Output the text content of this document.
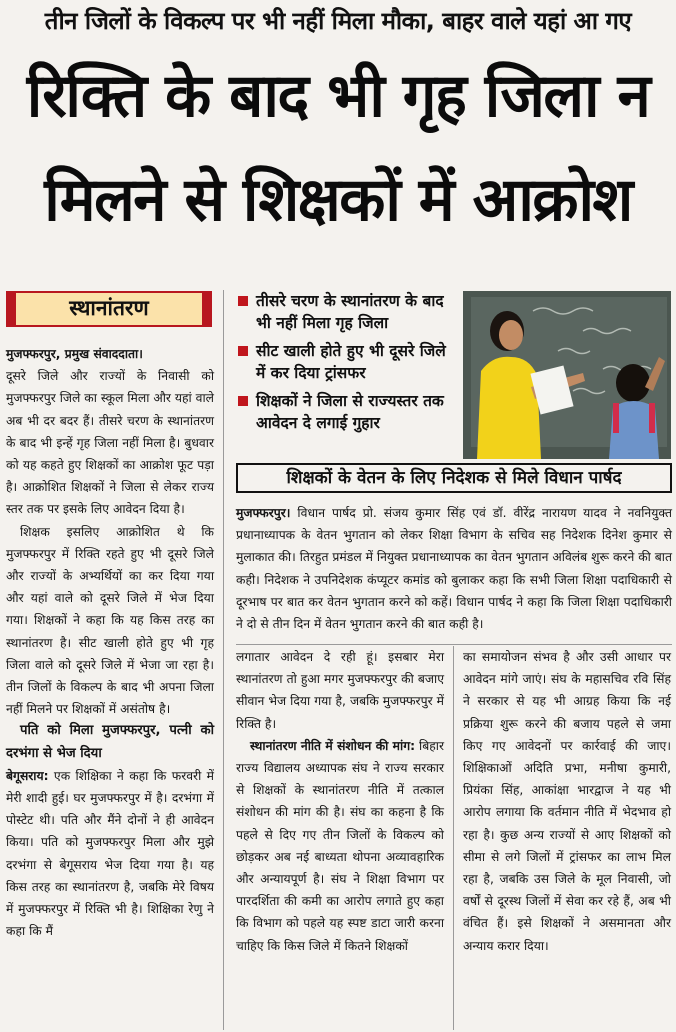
तीन जिलों के विकल्प पर भी नहीं मिला मौका, बाहर वाले यहां आ गए
रिक्ति के बाद भी गृह जिला न
मिलने से शिक्षकों में आक्रोश
स्थानांतरण	तीसरे चरण के स्थानांतरण के बाद भी नहीं मिला गृह जिला
सीट खाली होते हुए भी दूसरे जिले में कर दिया ट्रांसफर
शिक्षकों ने जिला से राज्यस्तर तक आवेदन दे लगाई गुहार
शिक्षकों के वेतन के लिए निदेशक से मिले विधान पार्षद

मुजफ्फरपुर। विधान पार्षद प्रो. संजय कुमार सिंह एवं डॉ. वीरेंद्र नारायण यादव ने नवनियुक्त प्रधानाध्यापक के वेतन भुगतान को लेकर शिक्षा विभाग के सचिव सह निदेशक दिनेश कुमार से मुलाकात की। तिरहुत प्रमंडल में नियुक्त प्रधानाध्यापक का वेतन भुगतान अविलंब शुरू करने की बात कही। निदेशक ने उपनिदेशक कंप्यूटर कमांड को बुलाकर कहा कि सभी जिला शिक्षा पदाधिकारी से दूरभाष पर बात कर वेतन भुगतान करने को कहें। विधान पार्षद ने कहा कि जिला शिक्षा पदाधिकारी ने दो से तीन दिन में वेतन भुगतान करने की बात कही है।

मुजफ्फरपुर, प्रमुख संवाददाता।

दूसरे जिले और राज्यों के निवासी को मुजफ्फरपुर जिले का स्कूल मिला और यहां वाले अब भी दर बदर हैं। तीसरे चरण के स्थानांतरण के बाद भी इन्हें गृह जिला नहीं मिला है। बुधवार को यह कहते हुए शिक्षकों का आक्रोश फूट पड़ा है। आक्रोशित शिक्षकों ने जिला से लेकर राज्य स्तर तक पर इसके लिए आवेदन दिया है।

शिक्षक इसलिए आक्रोशित थे कि मुजफ्फरपुर में रिक्ति रहते हुए भी दूसरे जिले और राज्यों के अभ्यर्थियों का कर दिया गया और यहां वाले को दूसरे जिले में भेज दिया गया। शिक्षकों ने कहा कि यह किस तरह का स्थानांतरण है। सीट खाली होते हुए भी गृह जिला वाले को दूसरे जिले में भेजा जा रहा है। तीन जिलों के विकल्प के बाद भी अपना जिला नहीं मिलने पर शिक्षकों में असंतोष है।

पति को मिला मुजफ्फरपुर, पत्नी को दरभंगा से भेज दिया

बेगूसराय: एक शिक्षिका ने कहा कि फरवरी में मेरी शादी हुई। घर मुजफ्फरपुर में है। दरभंगा में पोस्टेट थी। पति और मैंने दोनों ने ही आवेदन किया। पति को मुजफ्फरपुर मिला और मुझे दरभंगा से बेगूसराय भेज दिया गया है। यह किस तरह का स्थानांतरण है, जबकि मेरे विषय में मुजफ्फरपुर में रिक्ति भी है। शिक्षिका रेणु ने कहा कि मैं

लगातार आवेदन दे रही हूं। इसबार मेरा स्थानांतरण तो हुआ मगर मुजफ्फरपुर की बजाए सीवान भेज दिया गया है, जबकि मुजफ्फरपुर में रिक्ति है।

स्थानांतरण नीति में संशोधन की मांग: बिहार राज्य विद्यालय अध्यापक संघ ने राज्य सरकार से शिक्षकों के स्थानांतरण नीति में तत्काल संशोधन की मांग की है। संघ का कहना है कि पहले से दिए गए तीन जिलों के विकल्प को छोड़कर अब नई बाध्यता थोपना अव्यावहारिक और अन्यायपूर्ण है। संघ ने शिक्षा विभाग पर पारदर्शिता की कमी का आरोप लगाते हुए कहा कि विभाग को पहले यह स्पष्ट डाटा जारी करना चाहिए कि किस जिले में कितने शिक्षकों

का समायोजन संभव है और उसी आधार पर आवेदन मांगे जाएं। संघ के महासचिव रवि सिंह ने सरकार से यह भी आग्रह किया कि नई प्रक्रिया शुरू करने की बजाय पहले से जमा किए गए आवेदनों पर कार्रवाई की जाए। शिक्षिकाओं अदिति प्रभा, मनीषा कुमारी, प्रियंका सिंह, आकांक्षा भारद्वाज ने यह भी आरोप लगाया कि वर्तमान नीति में भेदभाव हो रहा है। कुछ अन्य राज्यों से आए शिक्षकों को सीमा से लगे जिलों में ट्रांसफर का लाभ मिल रहा है, जबकि उस जिले के मूल निवासी, जो वर्षों से दूरस्थ जिलों में सेवा कर रहे हैं, अब भी वंचित हैं। इसे शिक्षकों ने असमानता और अन्याय करार दिया।
